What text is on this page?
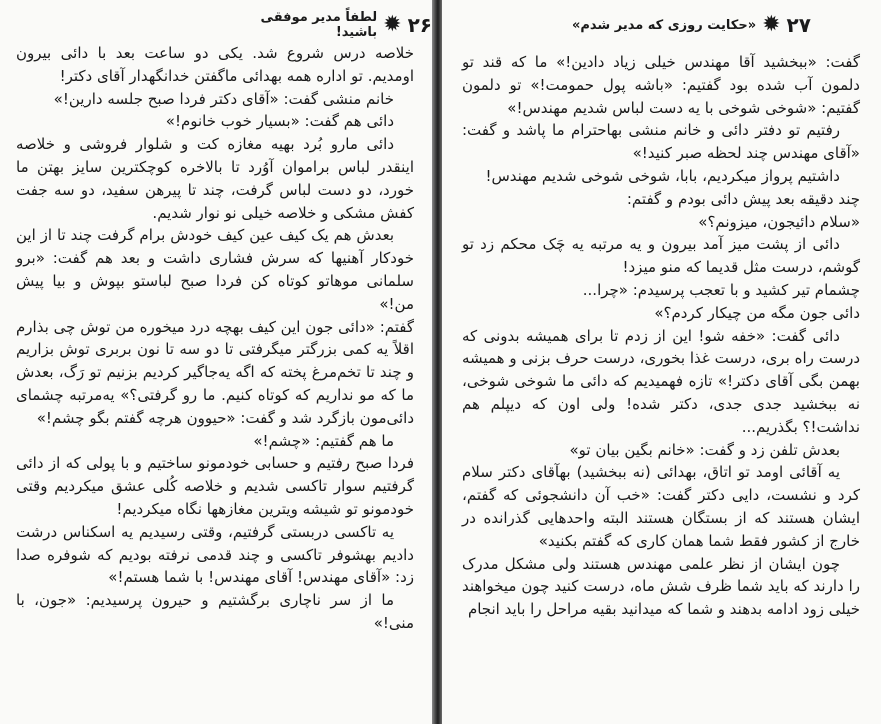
۲۶
✹
لطفاً مدیر موفقی باشید!

خلاصه درس شروع شد. یکی دو ساعت بعد با دائی بیرون اومدیم. تو اداره همه بهدائی ماگفتن خدانگهدار آقای دکتر!

خانم منشی گفت: «آقای دکتر فردا صبح جلسه دارین!»

دائی هم گفت: «بسیار خوب خانوم!»

دائی مارو بُرد بهیه مغازه کت و شلوار فروشی و خلاصه اینقدر لباس براموان آوُرد تا بالاخره کوچکترین سایز بهتن ما خورد، دو دست لباس گرفت، چند تا پیرهن سفید، دو سه جفت کفش مشکی و خلاصه خیلی نو نوار شدیم.

بعدش هم یک کیف عین کیف خودش برام گرفت چند تا از این خودکار آهنیها که سرش فشاری داشت و بعد هم گفت: «برو سلمانی موهاتو کوتاه کن فردا صبح لباستو بپوش و بیا پیش من!»

گفتم: «دائی جون این کیف بهچه درد میخوره من توش چی بذارم اقلاً یه کمی بزرگتر میگرفتی تا دو سه تا نون بربری توش بزاریم و چند تا تخم‌مرغ پخته که اگه یه‌جاگیر کردیم بزنیم تو رَگ، بعدش ما که مو نداریم که کوتاه کنیم. ما رو گرفتی؟» یه‌مرتبه چشمای دائی‌مون بازگرد شد و گفت: «حیوون هرچه گفتم بگو چشم!»

ما هم گفتیم: «چشم!»

فردا صبح رفتیم و حسابی خودمونو ساختیم و با پولی که از دائی گرفتیم سوار تاکسی شدیم و خلاصه کُلی عشق میکردیم وقتی خودمونو تو شیشه ویترین مغازهها نگاه میکردیم!

یه تاکسی دربستی گرفتیم، وقتی رسیدیم یه اسکناس درشت دادیم بهشوفر تاکسی و چند قدمی نرفته بودیم که شوفره صدا زد: «آقای مهندس! آقای مهندس! با شما هستم!»

ما از سر ناچاری برگشتیم و حیرون پرسیدیم: «جون، با منی!»

۲۷
✹
«حکایت روزی که مدیر شدم»

گفت: «ببخشید آقا مهندس خیلی زیاد دادین!» ما که قند تو دلمون آب شده بود گفتیم: «باشه پول حمومت!» تو دلمون گفتیم: «شوخی شوخی با یه دست لباس شدیم مهندس!»

رفتیم تو دفتر دائی و خانم منشی بهاحترام ما پاشد و گفت: «آقای مهندس چند لحظه صبر کنید!»

داشتیم پرواز میکردیم، بابا، شوخی شوخی شدیم مهندس!

چند دقیقه بعد پیش دائی بودم و گفتم:

«سلام دائیجون، میزونم؟»

دائی از پشت میز آمد بیرون و یه مرتبه یه چَک محکم زد تو گوشم، درست مثل قدیما که منو میزد!

چشمام تیر کشید و با تعجب پرسیدم: «چرا...

دائی جون مگه من چیکار کردم؟»

دائی گفت: «خفه شو! این از زدم تا برای همیشه بدونی که درست راه بری، درست غذا بخوری، درست حرف بزنی و همیشه بهمن بگی آقای دکتر!» تازه فهمیدیم که دائی ما شوخی شوخی، نه ببخشید جدی جدی، دکتر شده! ولی اون که دیپلم هم نداشت!؟ بگذریم...

بعدش تلفن زد و گفت: «خانم بگین بیان تو»

یه آقائی اومد تو اتاق، بهدائی (نه ببخشید) بهآقای دکتر سلام کرد و نشست، دایی دکتر گفت: «خب آن دانشجوئی که گفتم، ایشان هستند که از بستگان هستند البته واحدهایی گذرانده در خارج از کشور فقط شما همان کاری که گفتم بکنید»

چون ایشان از نظر علمی مهندس هستند ولی مشکل مدرک را دارند که باید شما ظرف شش ماه، درست کنید چون میخواهند خیلی زود ادامه بدهند و شما که میدانید بقیه مراحل را باید انجام
